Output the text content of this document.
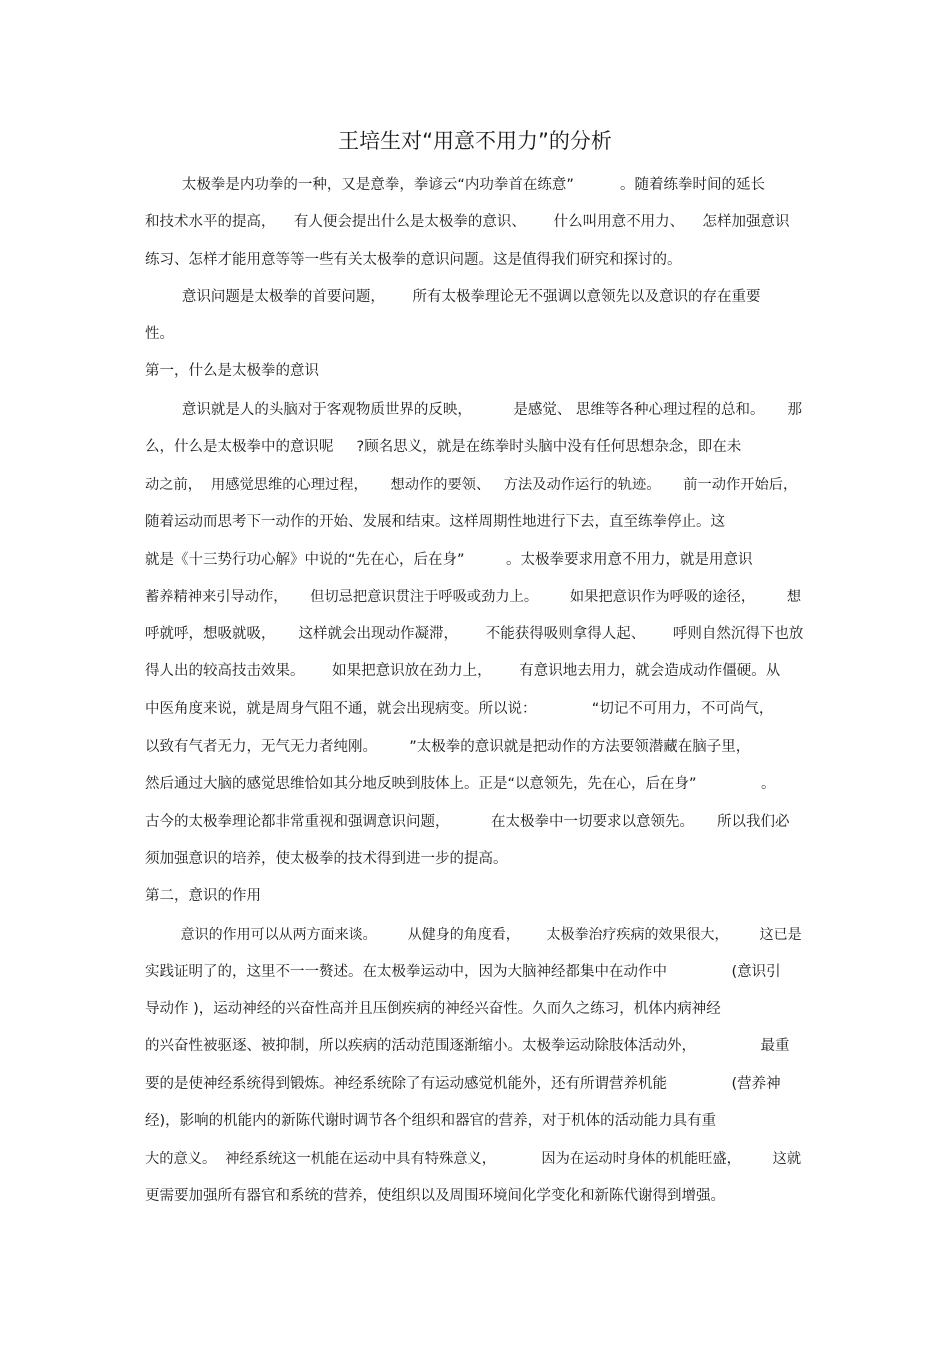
王培生对“用意不用力”的分析
太极拳是内功拳的一种，又是意拳，拳谚云“内功拳首在练意”          。随着练拳时间的延长
和技术水平的提高，    有人便会提出什么是太极拳的意识、      什么叫用意不用力、    怎样加强意识
练习、怎样才能用意等等一些有关太极拳的意识问题。这是值得我们研究和探讨的。
意识问题是太极拳的首要问题，      所有太极拳理论无不强调以意领先以及意识的存在重要
性。
第一，什么是太极拳的意识
意识就是人的头脑对于客观物质世界的反映，         是感觉、 思维等各种心理过程的总和。     那
么，什么是太极拳中的意识呢     ?顾名思义，就是在练拳时头脑中没有任何思想杂念，即在未
动之前，  用感觉思维的心理过程，     想动作的要领、   方法及动作运行的轨迹。     前一动作开始后，
随着运动而思考下一动作的开始、发展和结束。这样周期性地进行下去，直至练拳停止。这
就是《十三势行功心解》中说的“先在心，后在身”         。太极拳要求用意不用力，就是用意识
蓄养精神来引导动作，     但切忌把意识贯注于呼吸或劲力上。       如果把意识作为呼吸的途径，       想
呼就呼，想吸就吸，     这样就会出现动作凝滞，      不能获得吸则拿得人起、      呼则自然沉得下也放
得人出的较高技击效果。      如果把意识放在劲力上，      有意识地去用力，就会造成动作僵硬。从
中医角度来说，就是周身气阻不通，就会出现病变。所以说：            “切记不可用力，不可尚气，
以致有气者无力，无气无力者纯刚。       ”太极拳的意识就是把动作的方法要领潜藏在脑子里，
然后通过大脑的感觉思维恰如其分地反映到肢体上。正是“以意领先，先在心，后在身”              。
古今的太极拳理论都非常重视和强调意识问题，         在太极拳中一切要求以意领先。     所以我们必
须加强意识的培养，使太极拳的技术得到进一步的提高。
第二，意识的作用
意识的作用可以从两方面来谈。       从健身的角度看，      太极拳治疗疾病的效果很大，       这已是
实践证明了的，这里不一一赘述。在太极拳运动中，因为大脑神经都集中在动作中              (意识引
导动作 )，运动神经的兴奋性高并且压倒疾病的神经兴奋性。久而久之练习，机体内病神经
的兴奋性被驱逐、被抑制，所以疾病的活动范围逐渐缩小。太极拳运动除肢体活动外，              最重
要的是使神经系统得到锻炼。神经系统除了有运动感觉机能外，还有所谓营养机能              (营养神
经)，影响的机能内的新陈代谢时调节各个组织和器官的营养，对于机体的活动能力具有重
大的意义。  神经系统这一机能在运动中具有特殊意义，          因为在运动时身体的机能旺盛，       这就
更需要加强所有器官和系统的营养，使组织以及周围环境间化学变化和新陈代谢得到增强。
